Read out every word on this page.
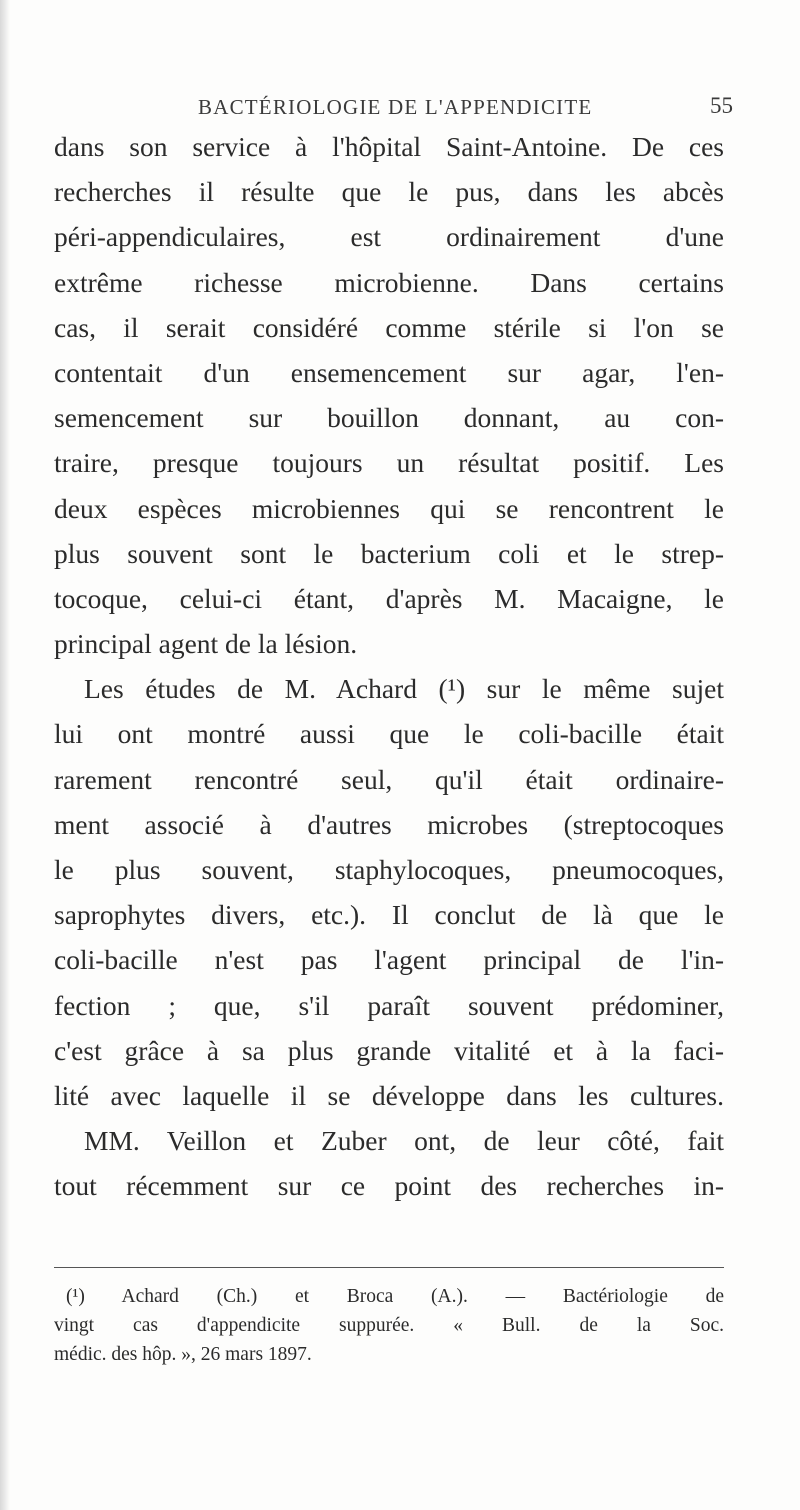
BACTÉRIOLOGIE DE L'APPENDICITE	55
dans son service à l'hôpital Saint-Antoine. De ces
recherches il résulte que le pus, dans les abcès
péri-appendiculaires, est ordinairement d'une
extrême richesse microbienne. Dans certains
cas, il serait considéré comme stérile si l'on se
contentait d'un ensemencement sur agar, l'en-
semencement sur bouillon donnant, au con-
traire, presque toujours un résultat positif. Les
deux espèces microbiennes qui se rencontrent le
plus souvent sont le bacterium coli et le strep-
tocoque, celui-ci étant, d'après M. Macaigne, le
principal agent de la lésion.
Les études de M. Achard (¹) sur le même sujet
lui ont montré aussi que le coli-bacille était
rarement rencontré seul, qu'il était ordinaire-
ment associé à d'autres microbes (streptocoques
le plus souvent, staphylocoques, pneumocoques,
saprophytes divers, etc.). Il conclut de là que le
coli-bacille n'est pas l'agent principal de l'in-
fection ; que, s'il paraît souvent prédominer,
c'est grâce à sa plus grande vitalité et à la faci-
lité avec laquelle il se développe dans les cultures.
MM. Veillon et Zuber ont, de leur côté, fait
tout récemment sur ce point des recherches in-
(¹) Achard (Ch.) et Broca (A.). — Bactériologie de
vingt cas d'appendicite suppurée. « Bull. de la Soc.
médic. des hôp. », 26 mars 1897.
